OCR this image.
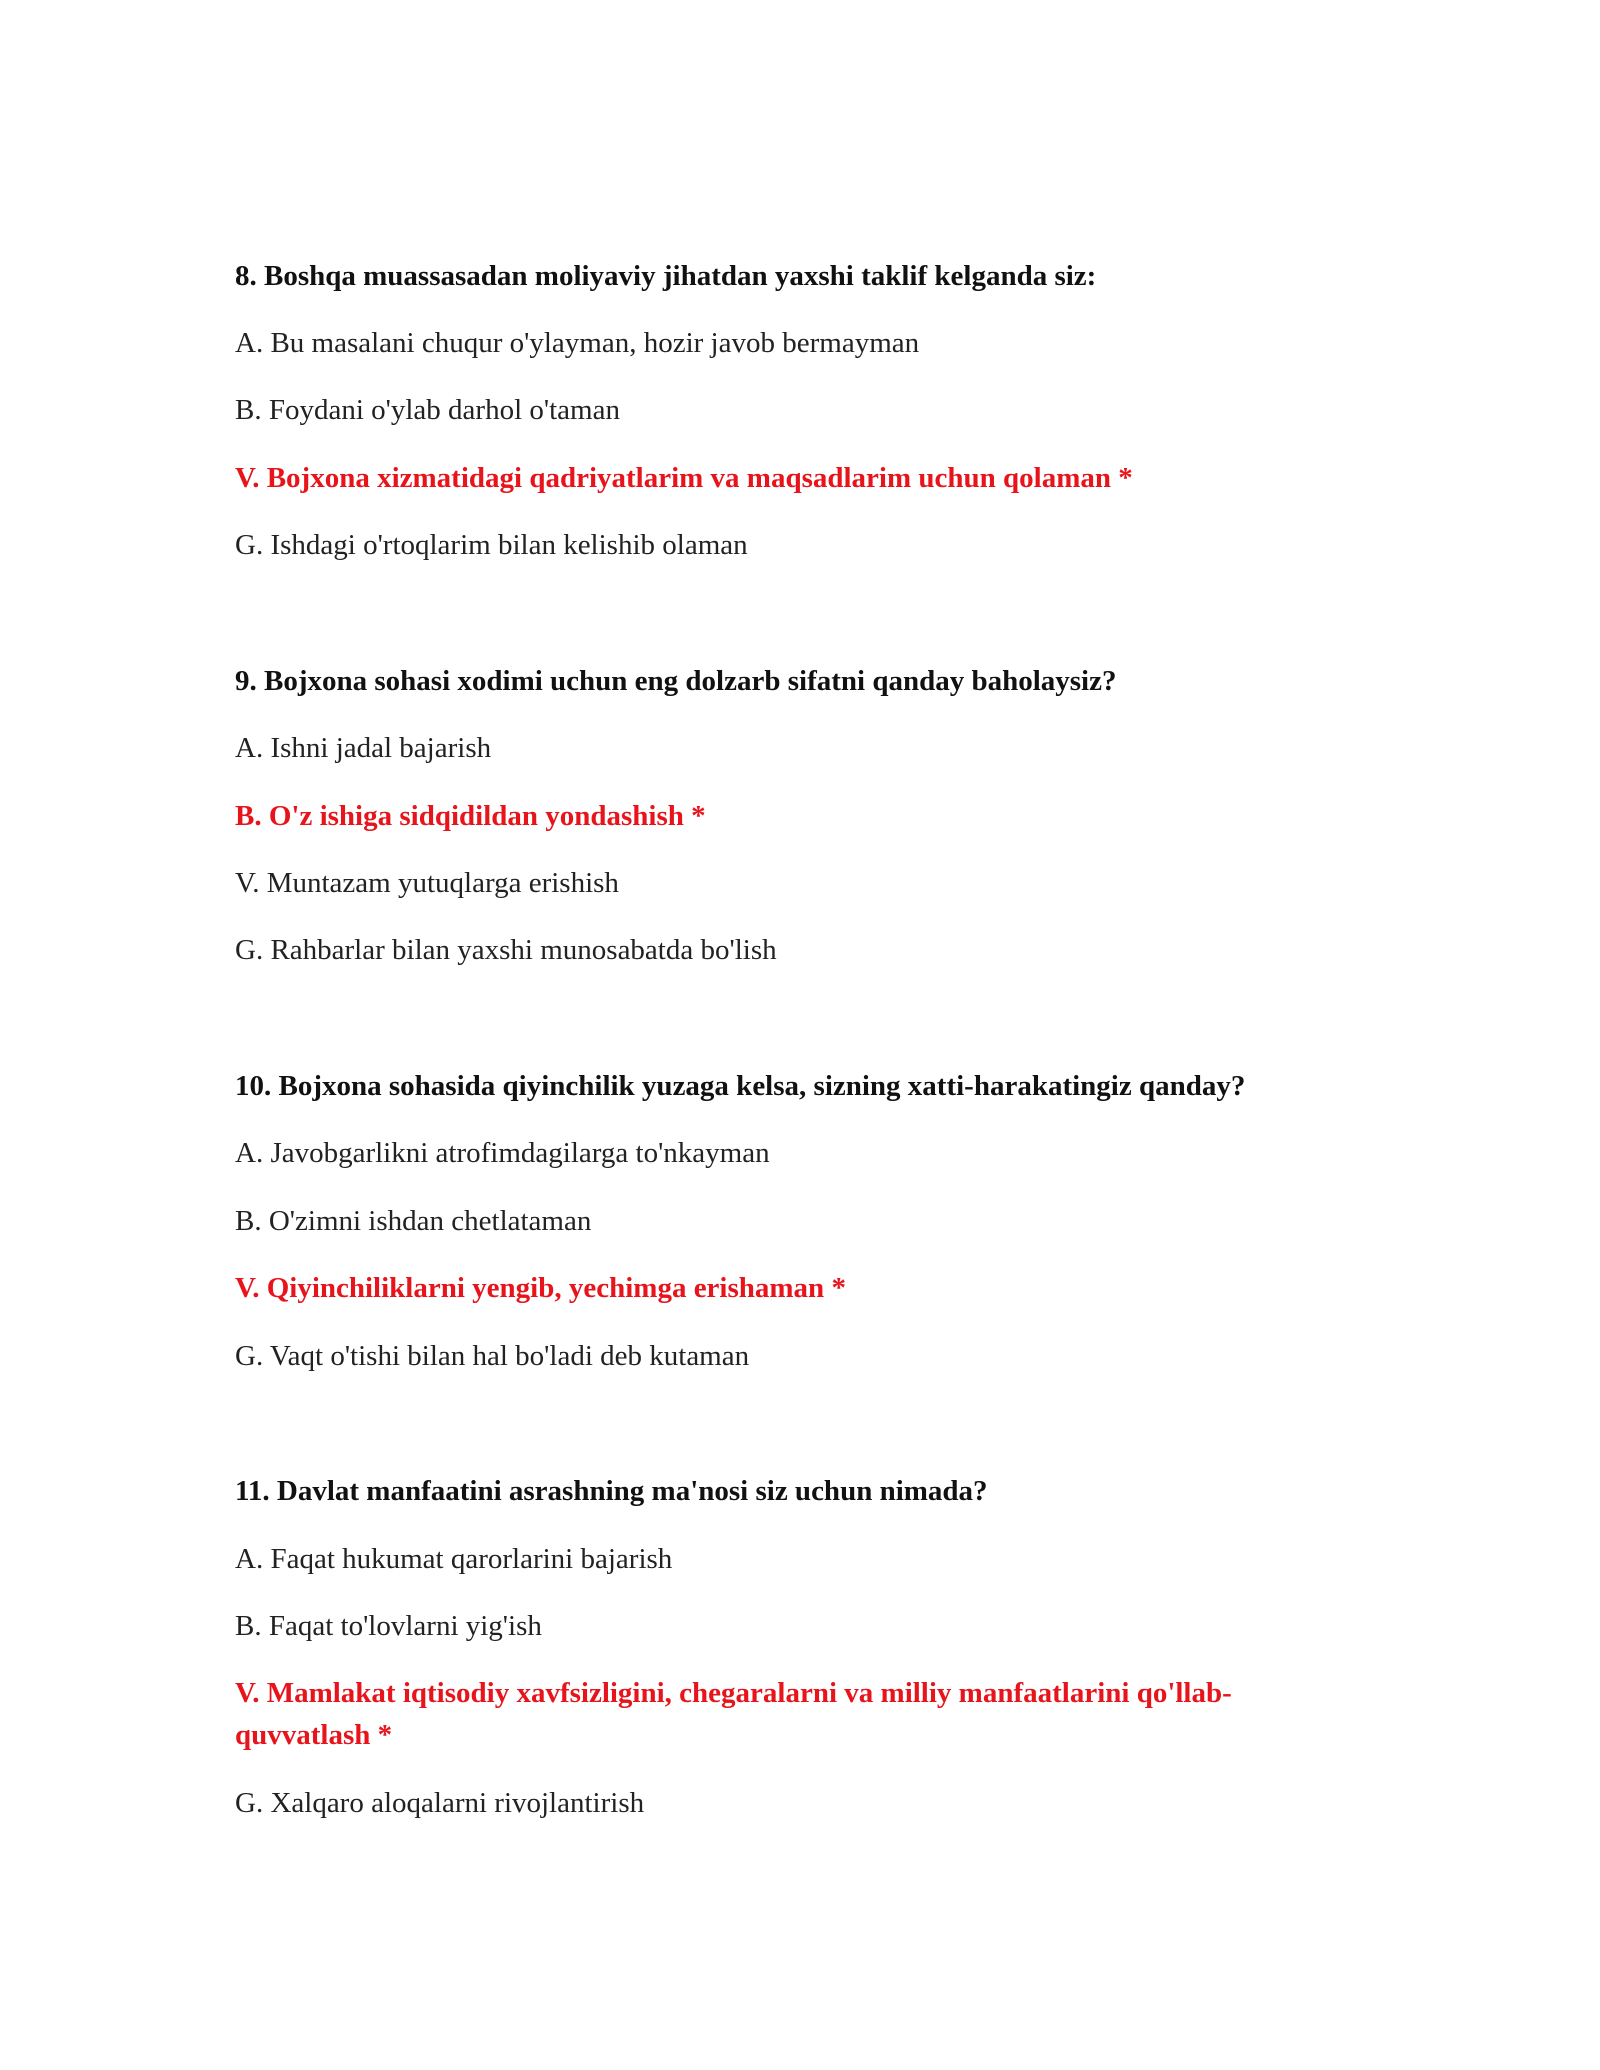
8. Boshqa muassasadan moliyaviy jihatdan yaxshi taklif kelganda siz:
A. Bu masalani chuqur o'ylayman, hozir javob bermayman
B. Foydani o'ylab darhol o'taman
V. Bojxona xizmatidagi qadriyatlarim va maqsadlarim uchun qolaman *
G. Ishdagi o'rtoqlarim bilan kelishib olaman
9. Bojxona sohasi xodimi uchun eng dolzarb sifatni qanday baholaysiz?
A. Ishni jadal bajarish
B. O'z ishiga sidqidildan yondashish *
V. Muntazam yutuqlarga erishish
G. Rahbarlar bilan yaxshi munosabatda bo'lish
10. Bojxona sohasida qiyinchilik yuzaga kelsa, sizning xatti-harakatingiz qanday?
A. Javobgarlikni atrofimdagilarga to'nkayman
B. O'zimni ishdan chetlataman
V. Qiyinchiliklarni yengib, yechimga erishaman *
G. Vaqt o'tishi bilan hal bo'ladi deb kutaman
11. Davlat manfaatini asrashning ma'nosi siz uchun nimada?
A. Faqat hukumat qarorlarini bajarish
B. Faqat to'lovlarni yig'ish
V. Mamlakat iqtisodiy xavfsizligini, chegaralarni va milliy manfaatlarini qo'llab-quvvatlash *
G. Xalqaro aloqalarni rivojlantirish
